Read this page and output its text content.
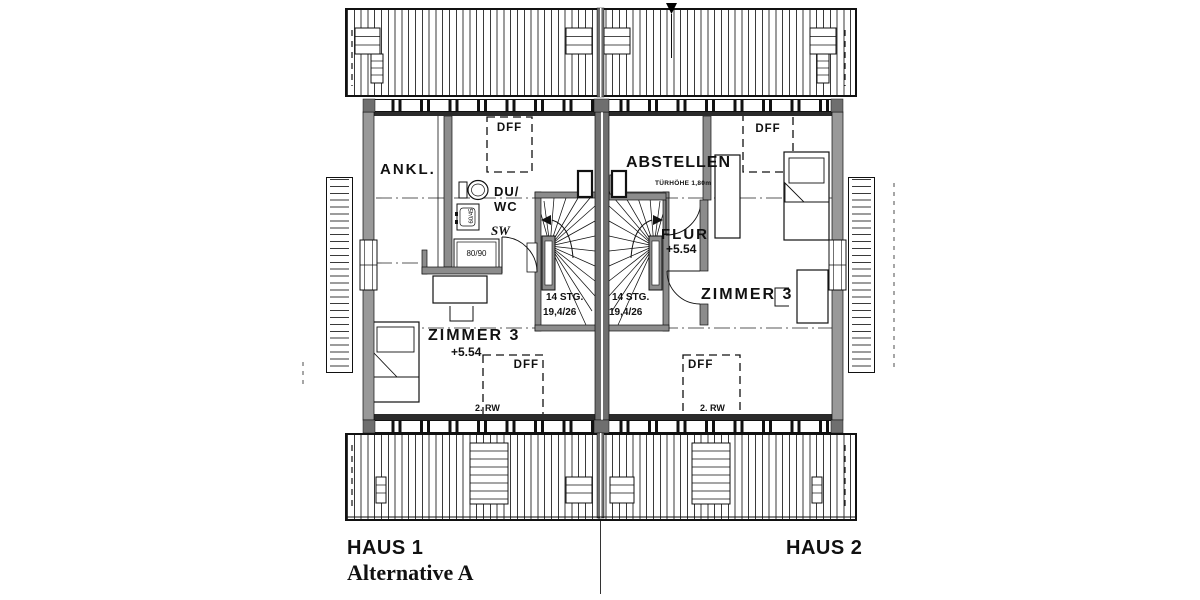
ANKL.
DFF
DU/
WC
SW
80/90
60/45
14 STG.
19,4/26
14 STG.
19,4/26
ZIMMER 3
+5.54
DFF
2. RW
ABSTELLEN
TÜRHÖHE 1,80m
FLUR
+5.54
ZIMMER 3
DFF
DFF
2. RW
HAUS 1
Alternative A
HAUS 2
